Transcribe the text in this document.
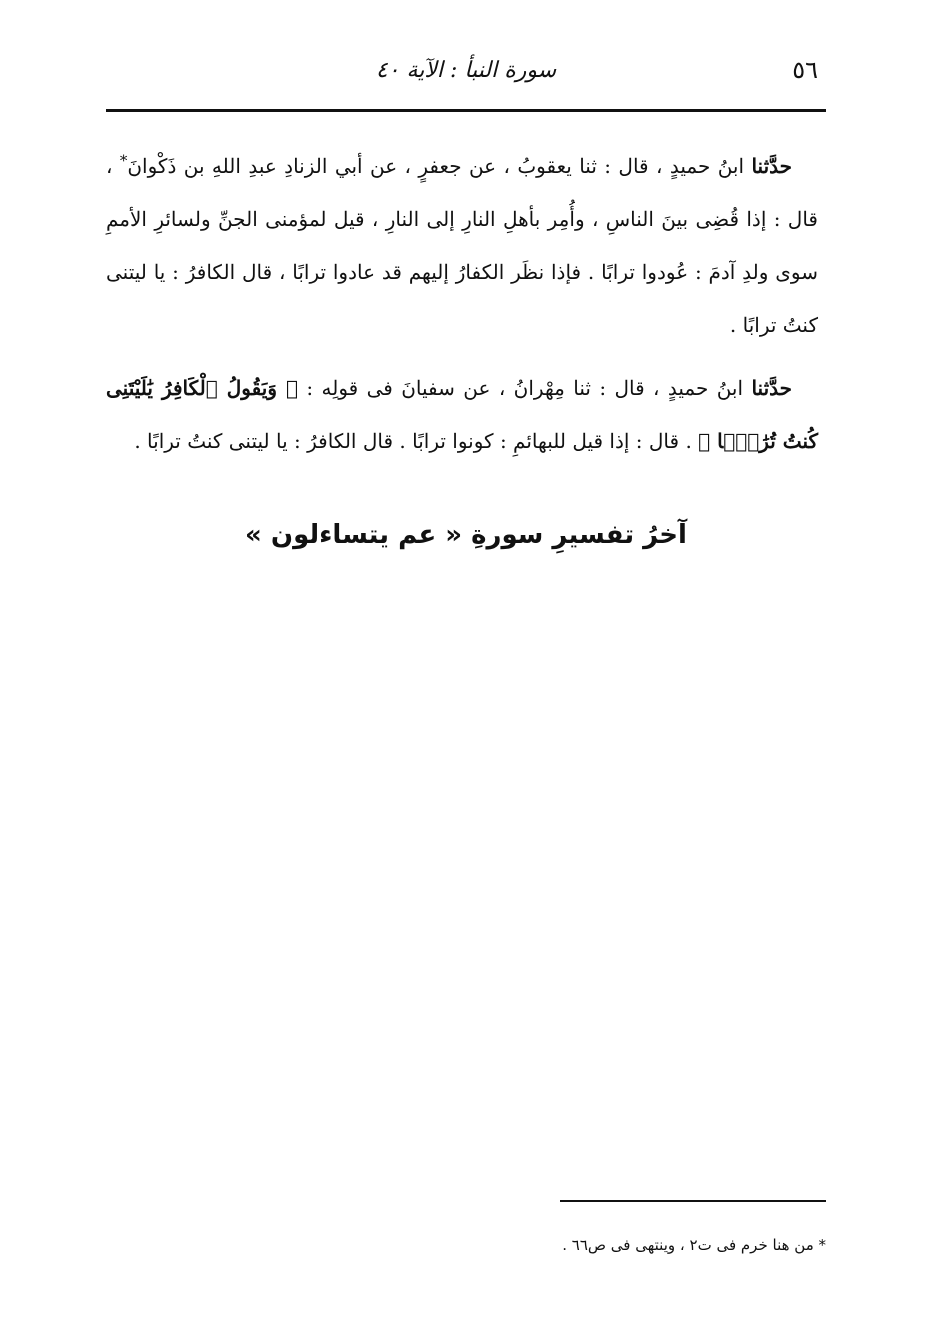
٥٦
سورة النبأ : الآية ٤٠

حدَّثنا ابنُ حميدٍ ، قال : ثنا يعقوبُ ، عن جعفرٍ ، عن أبي الزنادِ عبدِ اللهِ بن ذَكْوانَ* ، قال : إذا قُضِى بينَ الناسِ ، وأُمِر بأهلِ النارِ إلى النارِ ، قيل لمؤمنى الجنِّ ولسائرِ الأممِ سوى ولدِ آدمَ : عُودوا ترابًا . فإذا نظَر الكفارُ إليهم قد عادوا ترابًا ، قال الكافرُ : يا ليتنى كنتُ ترابًا .

حدَّثنا ابنُ حميدٍ ، قال : ثنا مِهْرانُ ، عن سفيانَ فى قولِه : ﴿ وَيَقُولُ ٱلْكَافِرُ يَٰلَيْتَنِى كُنتُ تُرَٰبَۢا ﴾ . قال : إذا قيل للبهائمِ : كونوا ترابًا . قال الكافرُ : يا ليتنى كنتُ ترابًا .

آخرُ تفسيرِ سورةِ « عم يتساءلون »
* من هنا خرم فى ت٢ ، وينتهى فى ص٦٦ .
